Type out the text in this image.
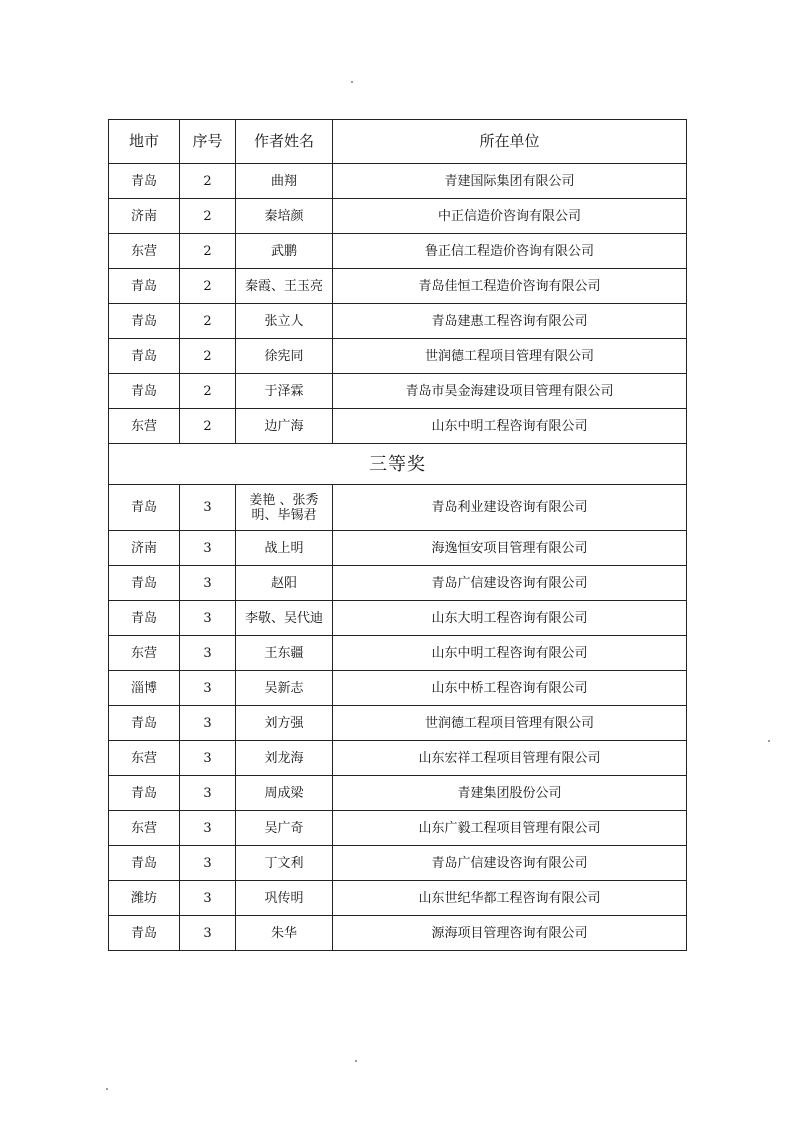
地市	序号	作者姓名	所在单位
青岛	2	曲翔	青建国际集团有限公司
济南	2	秦培颜	中正信造价咨询有限公司
东营	2	武鹏	鲁正信工程造价咨询有限公司
青岛	2	秦霞、王玉亮	青岛佳恒工程造价咨询有限公司
青岛	2	张立人	青岛建惠工程咨询有限公司
青岛	2	徐宪同	世润德工程项目管理有限公司
青岛	2	于泽霖	青岛市昊金海建设项目管理有限公司
东营	2	边广海	山东中明工程咨询有限公司
三等奖			
青岛	3	姜艳 、张秀明、毕锡君	青岛利业建设咨询有限公司
济南	3	战上明	海逸恒安项目管理有限公司
青岛	3	赵阳	青岛广信建设咨询有限公司
青岛	3	李敬、吴代迪	山东大明工程咨询有限公司
东营	3	王东疆	山东中明工程咨询有限公司
淄博	3	吴新志	山东中桥工程咨询有限公司
青岛	3	刘方强	世润德工程项目管理有限公司
东营	3	刘龙海	山东宏祥工程项目管理有限公司
青岛	3	周成梁	青建集团股份公司
东营	3	吴广奇	山东广毅工程项目管理有限公司
青岛	3	丁文利	青岛广信建设咨询有限公司
潍坊	3	巩传明	山东世纪华都工程咨询有限公司
青岛	3	朱华	源海项目管理咨询有限公司
